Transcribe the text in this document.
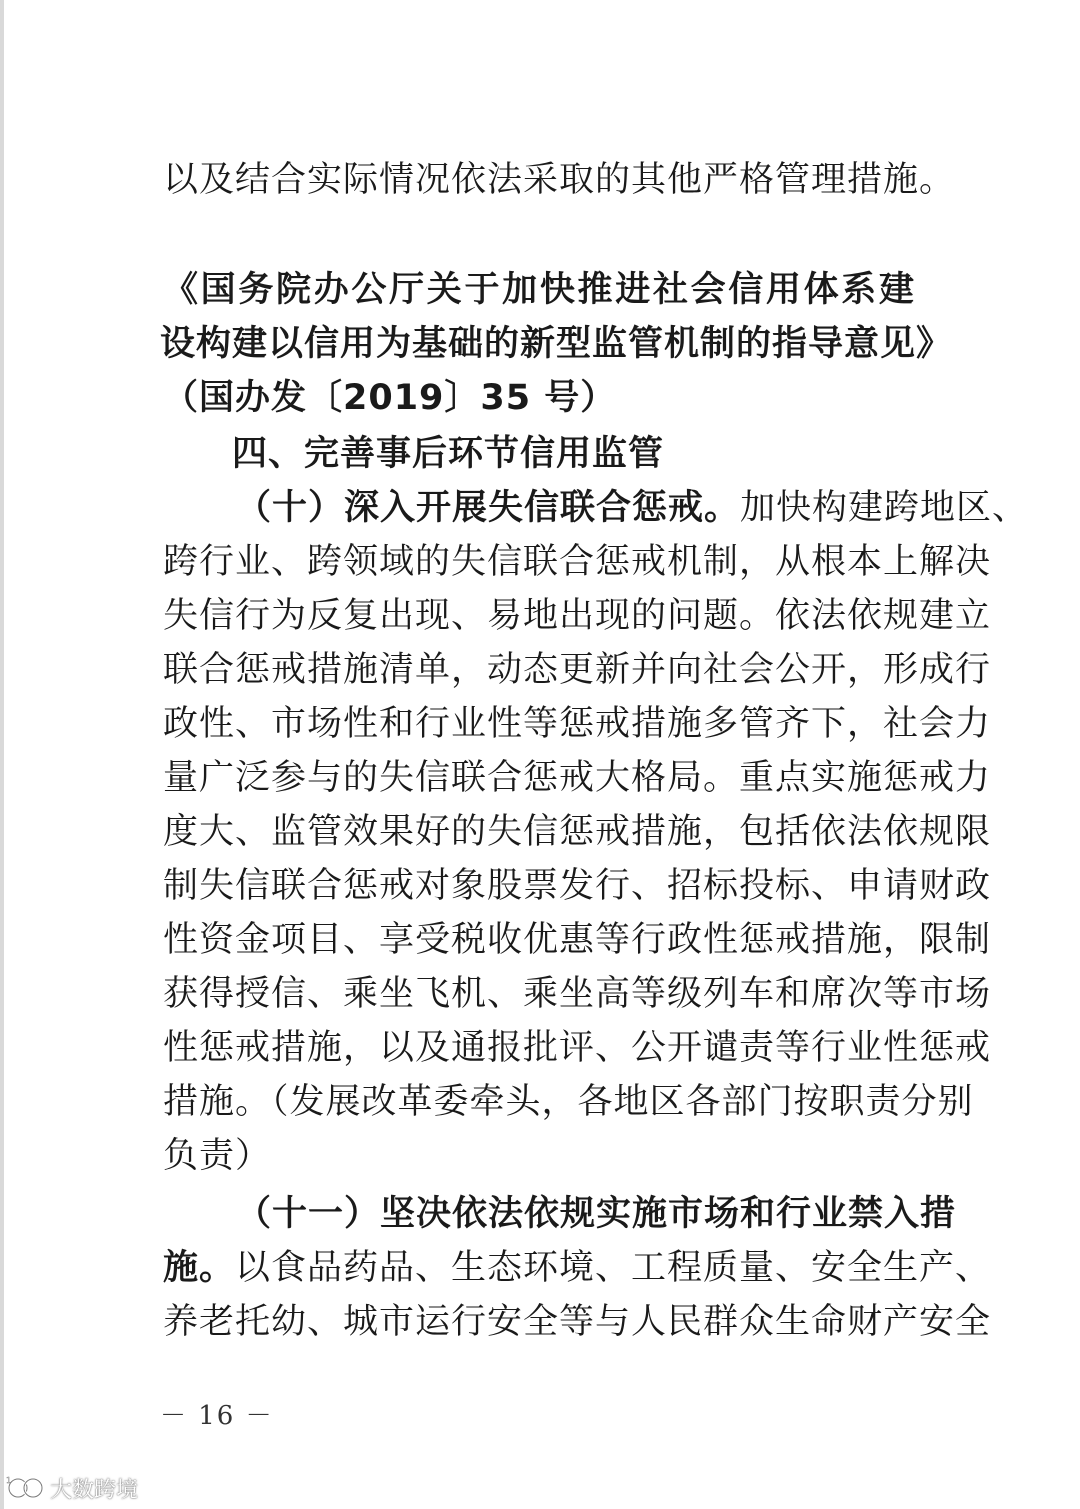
以及结合实际情况依法采取的其他严格管理措施。
《国务院办公厅关于加快推进社会信用体系建
设构建以信用为基础的新型监管机制的指导意见》
（国办发〔2019〕35 号）
四、完善事后环节信用监管
（十）深入开展失信联合惩戒。加快构建跨地区、
跨行业、跨领域的失信联合惩戒机制，从根本上解决
失信行为反复出现、易地出现的问题。依法依规建立
联合惩戒措施清单，动态更新并向社会公开，形成行
政性、市场性和行业性等惩戒措施多管齐下，社会力
量广泛参与的失信联合惩戒大格局。重点实施惩戒力
度大、监管效果好的失信惩戒措施，包括依法依规限
制失信联合惩戒对象股票发行、招标投标、申请财政
性资金项目、享受税收优惠等行政性惩戒措施，限制
获得授信、乘坐飞机、乘坐高等级列车和席次等市场
性惩戒措施，以及通报批评、公开谴责等行业性惩戒
措施。（发展改革委牵头，各地区各部门按职责分别
负责）
（十一）坚决依法依规实施市场和行业禁入措
施。以食品药品、生态环境、工程质量、安全生产、
养老托幼、城市运行安全等与人民群众生命财产安全
－ 16 －
1 大数跨境
